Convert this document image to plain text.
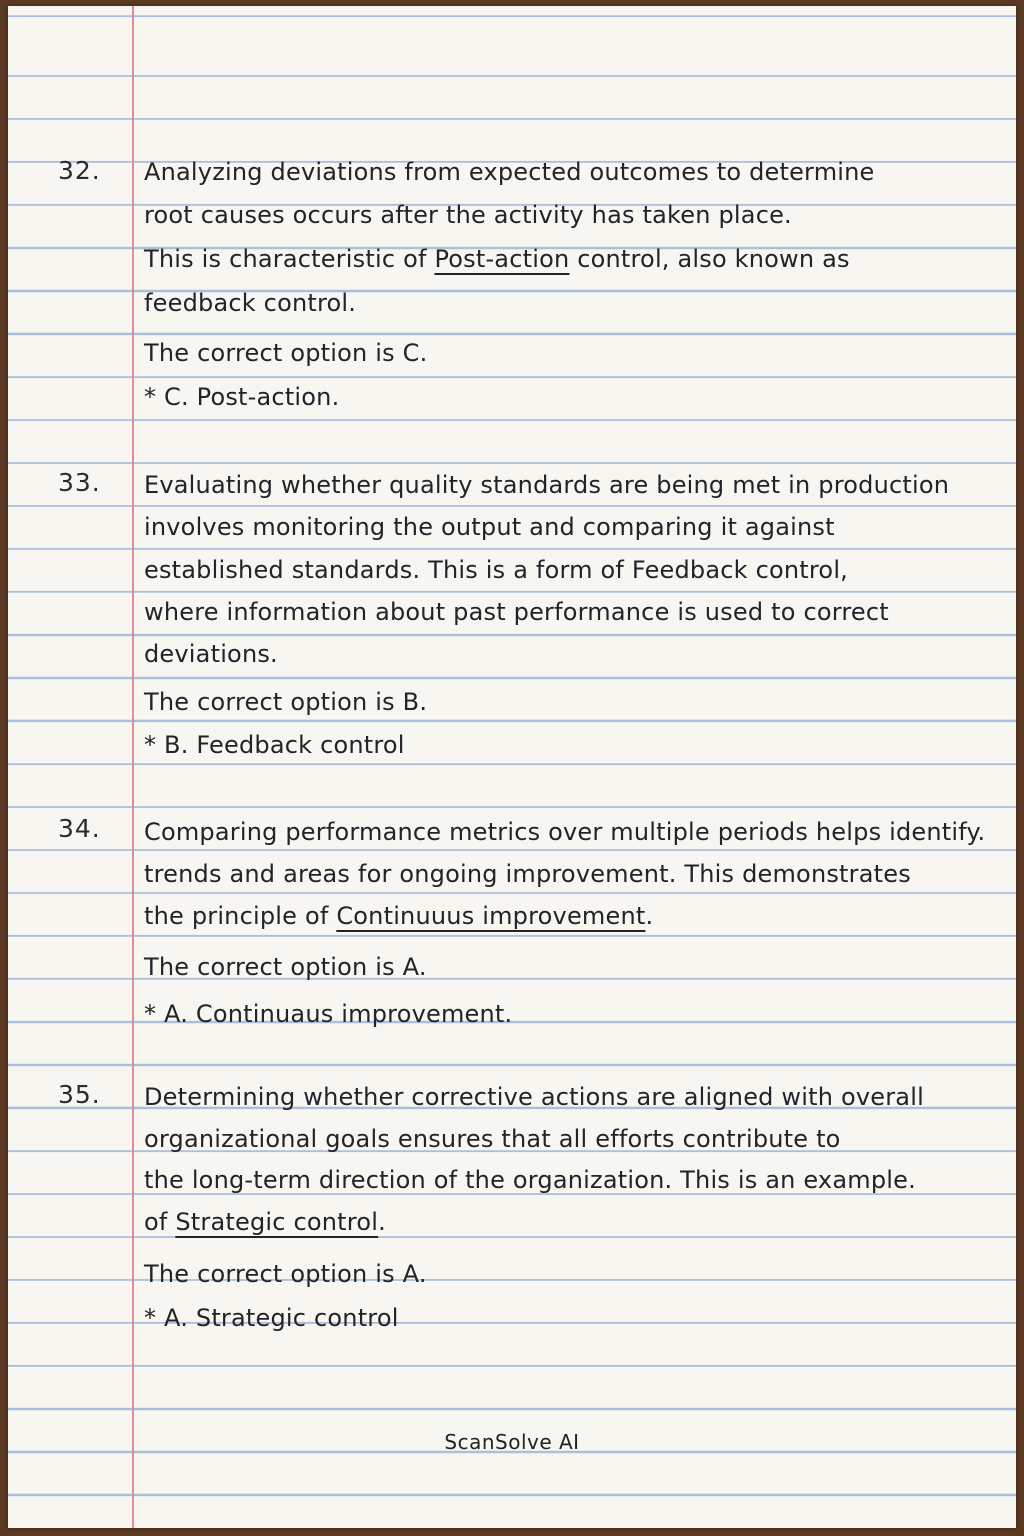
32. Analyzing deviations from expected outcomes to determine
root causes occurs after the activity has taken place.
This is characteristic of Post-action control, also known as
feedback control.
The correct option is C.
* C. Post-action.
33. Evaluating whether quality standards are being met in production
involves monitoring the output and comparing it against
established standards. This is a form of Feedback control,
where information about past performance is used to correct
deviations.
The correct option is B.
* B. Feedback control
34. Comparing performance metrics over multiple periods helps identify.
trends and areas for ongoing improvement. This demonstrates
the principle of Continuuus improvement.
The correct option is A.
* A. Continuaus improvement.
35. Determining whether corrective actions are aligned with overall
organizational goals ensures that all efforts contribute to
the long-term direction of the organization. This is an example.
of Strategic control.
The correct option is A.
* A. Strategic control
ScanSolve AI
